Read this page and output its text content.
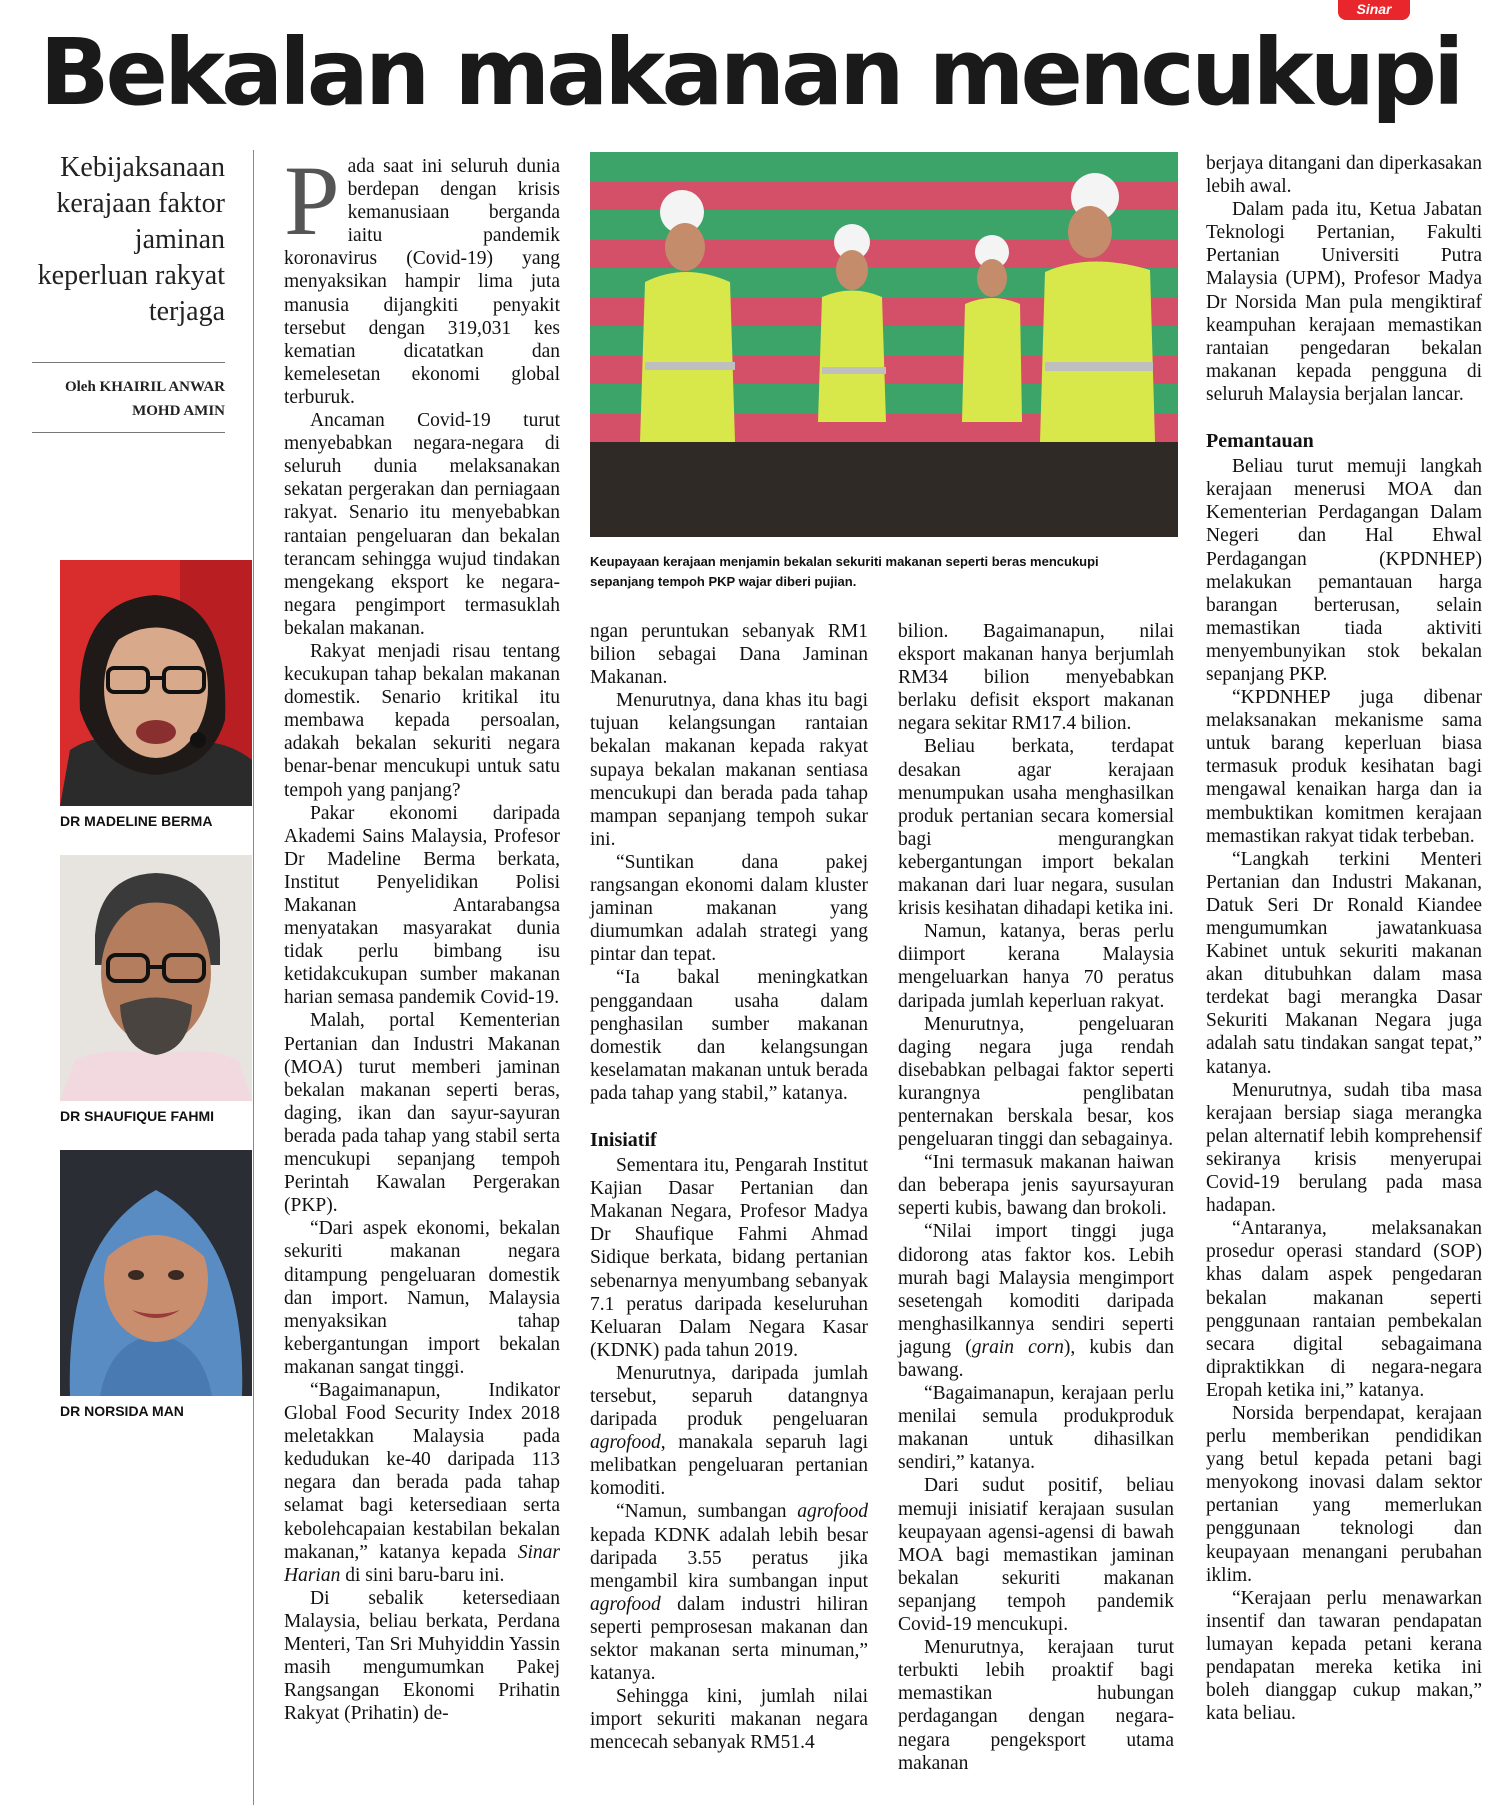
Sinar
Bekalan makanan mencukupi
Kebijaksanaan kerajaan faktor jaminan keperluan rakyat terjaga
Oleh KHAIRIL ANWAR
MOHD AMIN
DR MADELINE BERMA
DR SHAUFIQUE FAHMI
DR NORSIDA MAN
Keupayaan kerajaan menjamin bekalan sekuriti makanan seperti beras mencukupi sepanjang tempoh PKP wajar diberi pujian.

Pada saat ini seluruh dunia berdepan dengan krisis kemanusiaan berganda iaitu pandemik koronavirus (Covid-19) yang menyaksikan hampir lima juta manusia dijangkiti penyakit tersebut dengan 319,031 kes kematian dicatatkan dan kemelesetan ekonomi global terburuk.

Ancaman Covid-19 turut menyebabkan negara-negara di seluruh dunia melaksanakan sekatan pergerakan dan perniagaan rakyat. Senario itu menyebabkan rantaian pengeluaran dan bekalan terancam sehingga wujud tindakan mengekang eksport ke negara-negara pengimport termasuklah bekalan makanan.

Rakyat menjadi risau tentang kecukupan tahap bekalan makanan domestik. Senario kritikal itu membawa kepada persoalan, adakah bekalan sekuriti negara benar-benar mencukupi untuk satu tempoh yang panjang?

Pakar ekonomi daripada Akademi Sains Malaysia, Profesor Dr Madeline Berma berkata, Institut Penyelidikan Polisi Makanan Antarabangsa menyatakan masyarakat dunia tidak perlu bimbang isu ketidakcukupan sumber makanan harian semasa pandemik Covid-19.

Malah, portal Kementerian Pertanian dan Industri Makanan (MOA) turut memberi jaminan bekalan makanan seperti beras, daging, ikan dan sayur-sayuran berada pada tahap yang stabil serta mencukupi sepanjang tempoh Perintah Kawalan Pergerakan (PKP).

“Dari aspek ekonomi, bekalan sekuriti makanan negara ditampung pengeluaran domestik dan import. Namun, Malaysia menyaksikan tahap kebergantungan import bekalan makanan sangat tinggi.

“Bagaimanapun, Indikator Global Food Security Index 2018 meletakkan Malaysia pada kedudukan ke-40 daripada 113 negara dan berada pada tahap selamat bagi ketersediaan serta kebolehcapaian kestabilan bekalan makanan,” katanya kepada Sinar Harian di sini baru-baru ini.

Di sebalik ketersediaan Malaysia, beliau berkata, Perdana Menteri, Tan Sri Muhyiddin Yassin masih mengumumkan Pakej Rangsangan Ekonomi Prihatin Rakyat (Prihatin) de-

ngan peruntukan sebanyak RM1 bilion sebagai Dana Jaminan Makanan.

Menurutnya, dana khas itu bagi tujuan kelangsungan rantaian bekalan makanan kepada rakyat supaya bekalan makanan sentiasa mencukupi dan berada pada tahap mampan sepanjang tempoh sukar ini.

“Suntikan dana pakej rangsangan ekonomi dalam kluster jaminan makanan yang diumumkan adalah strategi yang pintar dan tepat.

“Ia bakal meningkatkan penggandaan usaha dalam penghasilan sumber makanan domestik dan kelangsungan keselamatan makanan untuk berada pada tahap yang stabil,” katanya.

Inisiatif

Sementara itu, Pengarah Institut Kajian Dasar Pertanian dan Makanan Negara, Profesor Madya Dr Shaufique Fahmi Ahmad Sidique berkata, bidang pertanian sebenarnya menyumbang sebanyak 7.1 peratus daripada keseluruhan Keluaran Dalam Negara Kasar (KDNK) pada tahun 2019.

Menurutnya, daripada jumlah tersebut, separuh datangnya daripada produk pengeluaran agrofood, manakala separuh lagi melibatkan pengeluaran pertanian komoditi.

“Namun, sumbangan agrofood kepada KDNK adalah lebih besar daripada 3.55 peratus jika mengambil kira sumbangan input agrofood dalam industri hiliran seperti pemprosesan makanan dan sektor makanan serta minuman,” katanya.

Sehingga kini, jumlah nilai import sekuriti makanan negara mencecah sebanyak RM51.4

bilion. Bagaimanapun, nilai eksport makanan hanya berjumlah RM34 bilion menyebabkan berlaku defisit eksport makanan negara sekitar RM17.4 bilion.

Beliau berkata, terdapat desakan agar kerajaan menumpukan usaha menghasilkan produk pertanian secara komersial bagi mengurangkan kebergantungan import bekalan makanan dari luar negara, susulan krisis kesihatan dihadapi ketika ini.

Namun, katanya, beras perlu diimport kerana Malaysia mengeluarkan hanya 70 peratus daripada jumlah keperluan rakyat.

Menurutnya, pengeluaran daging negara juga rendah disebabkan pelbagai faktor seperti kurangnya penglibatan penternakan berskala besar, kos pengeluaran tinggi dan sebagainya.

“Ini termasuk makanan haiwan dan beberapa jenis sayursayuran seperti kubis, bawang dan brokoli.

“Nilai import tinggi juga didorong atas faktor kos. Lebih murah bagi Malaysia mengimport sesetengah komoditi daripada menghasilkannya sendiri seperti jagung (grain corn), kubis dan bawang.

“Bagaimanapun, kerajaan perlu menilai semula produkproduk makanan untuk dihasilkan sendiri,” katanya.

Dari sudut positif, beliau memuji inisiatif kerajaan susulan keupayaan agensi-agensi di bawah MOA bagi memastikan jaminan bekalan sekuriti makanan sepanjang tempoh pandemik Covid-19 mencukupi.

Menurutnya, kerajaan turut terbukti lebih proaktif bagi memastikan hubungan perdagangan dengan negara-negara pengeksport utama makanan

berjaya ditangani dan diperkasakan lebih awal.

Dalam pada itu, Ketua Jabatan Teknologi Pertanian, Fakulti Pertanian Universiti Putra Malaysia (UPM), Profesor Madya Dr Norsida Man pula mengiktiraf keampuhan kerajaan memastikan rantaian pengedaran bekalan makanan kepada pengguna di seluruh Malaysia berjalan lancar.

Pemantauan

Beliau turut memuji langkah kerajaan menerusi MOA dan Kementerian Perdagangan Dalam Negeri dan Hal Ehwal Perdagangan (KPDNHEP) melakukan pemantauan harga barangan berterusan, selain memastikan tiada aktiviti menyembunyikan stok bekalan sepanjang PKP.

“KPDNHEP juga dibenar melaksanakan mekanisme sama untuk barang keperluan biasa termasuk produk kesihatan bagi mengawal kenaikan harga dan ia membuktikan komitmen kerajaan memastikan rakyat tidak terbeban.

“Langkah terkini Menteri Pertanian dan Industri Makanan, Datuk Seri Dr Ronald Kiandee mengumumkan jawatankuasa Kabinet untuk sekuriti makanan akan ditubuhkan dalam masa terdekat bagi merangka Dasar Sekuriti Makanan Negara juga adalah satu tindakan sangat tepat,” katanya.

Menurutnya, sudah tiba masa kerajaan bersiap siaga merangka pelan alternatif lebih komprehensif sekiranya krisis menyerupai Covid-19 berulang pada masa hadapan.

“Antaranya, melaksanakan prosedur operasi standard (SOP) khas dalam aspek pengedaran bekalan makanan seperti penggunaan rantaian pembekalan secara digital sebagaimana dipraktikkan di negara-negara Eropah ketika ini,” katanya.

Norsida berpendapat, kerajaan perlu memberikan pendidikan yang betul kepada petani bagi menyokong inovasi dalam sektor pertanian yang memerlukan penggunaan teknologi dan keupayaan menangani perubahan iklim.

“Kerajaan perlu menawarkan insentif dan tawaran pendapatan lumayan kepada petani kerana pendapatan mereka ketika ini boleh dianggap cukup makan,” kata beliau.
